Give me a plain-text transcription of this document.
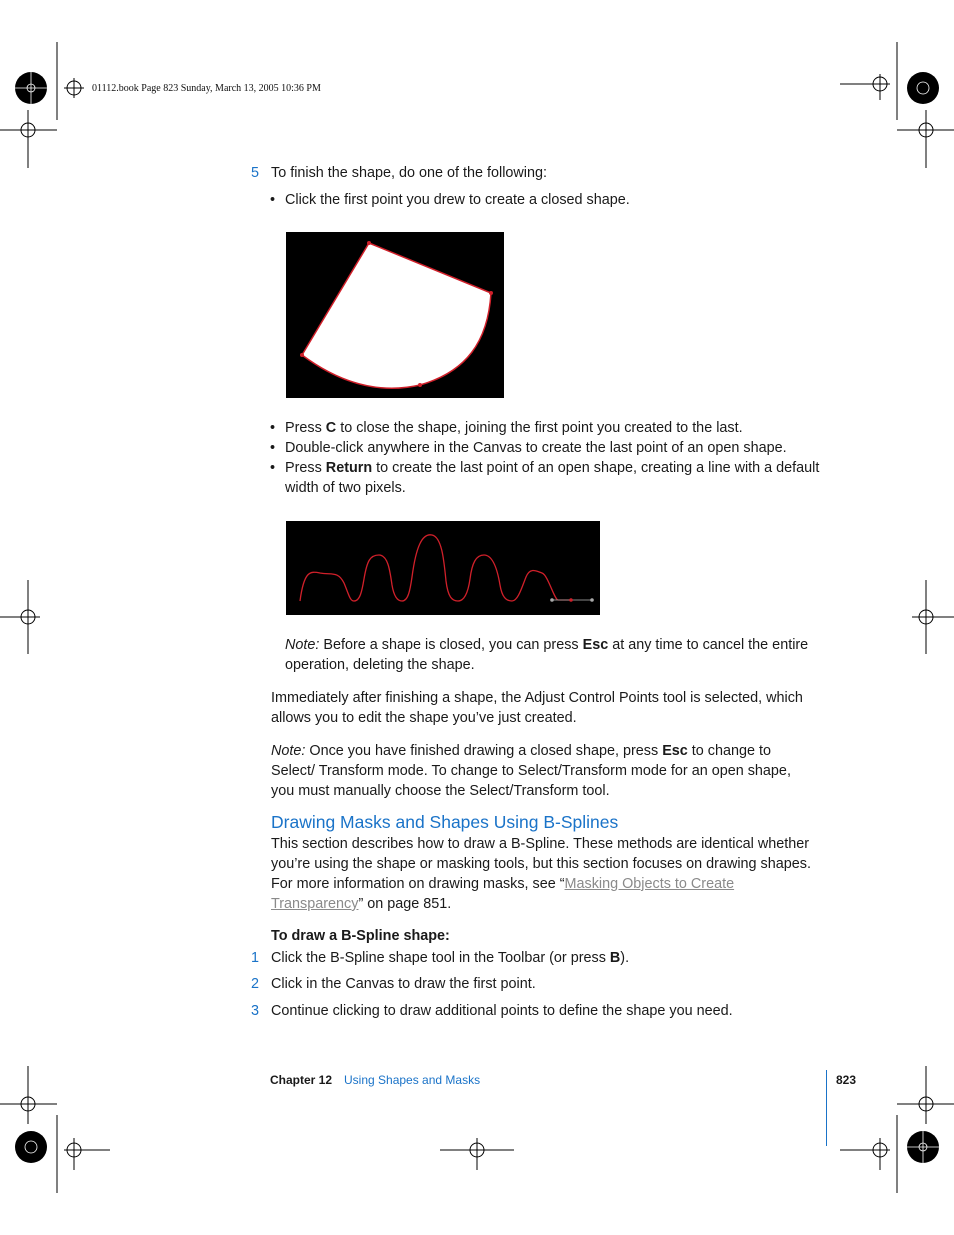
01112.book Page 823 Sunday, March 13, 2005 10:36 PM
5 To finish the shape, do one of the following:
• Click the first point you drew to create a closed shape.
• Press C to close the shape, joining the first point you created to the last.
• Double-click anywhere in the Canvas to create the last point of an open shape.
• Press Return to create the last point of an open shape, creating a line with a default width of two pixels.
Note: Before a shape is closed, you can press Esc at any time to cancel the entire operation, deleting the shape.
Immediately after finishing a shape, the Adjust Control Points tool is selected, which allows you to edit the shape you’ve just created.
Note: Once you have finished drawing a closed shape, press Esc to change to Select/ Transform mode. To change to Select/Transform mode for an open shape, you must manually choose the Select/Transform tool.
Drawing Masks and Shapes Using B-Splines
This section describes how to draw a B-Spline. These methods are identical whether you’re using the shape or masking tools, but this section focuses on drawing shapes. For more information on drawing masks, see “Masking Objects to Create Transparency” on page 851.
To draw a B-Spline shape:
1 Click the B-Spline shape tool in the Toolbar (or press B).
2 Click in the Canvas to draw the first point.
3 Continue clicking to draw additional points to define the shape you need.
Chapter 12 Using Shapes and Masks	823
